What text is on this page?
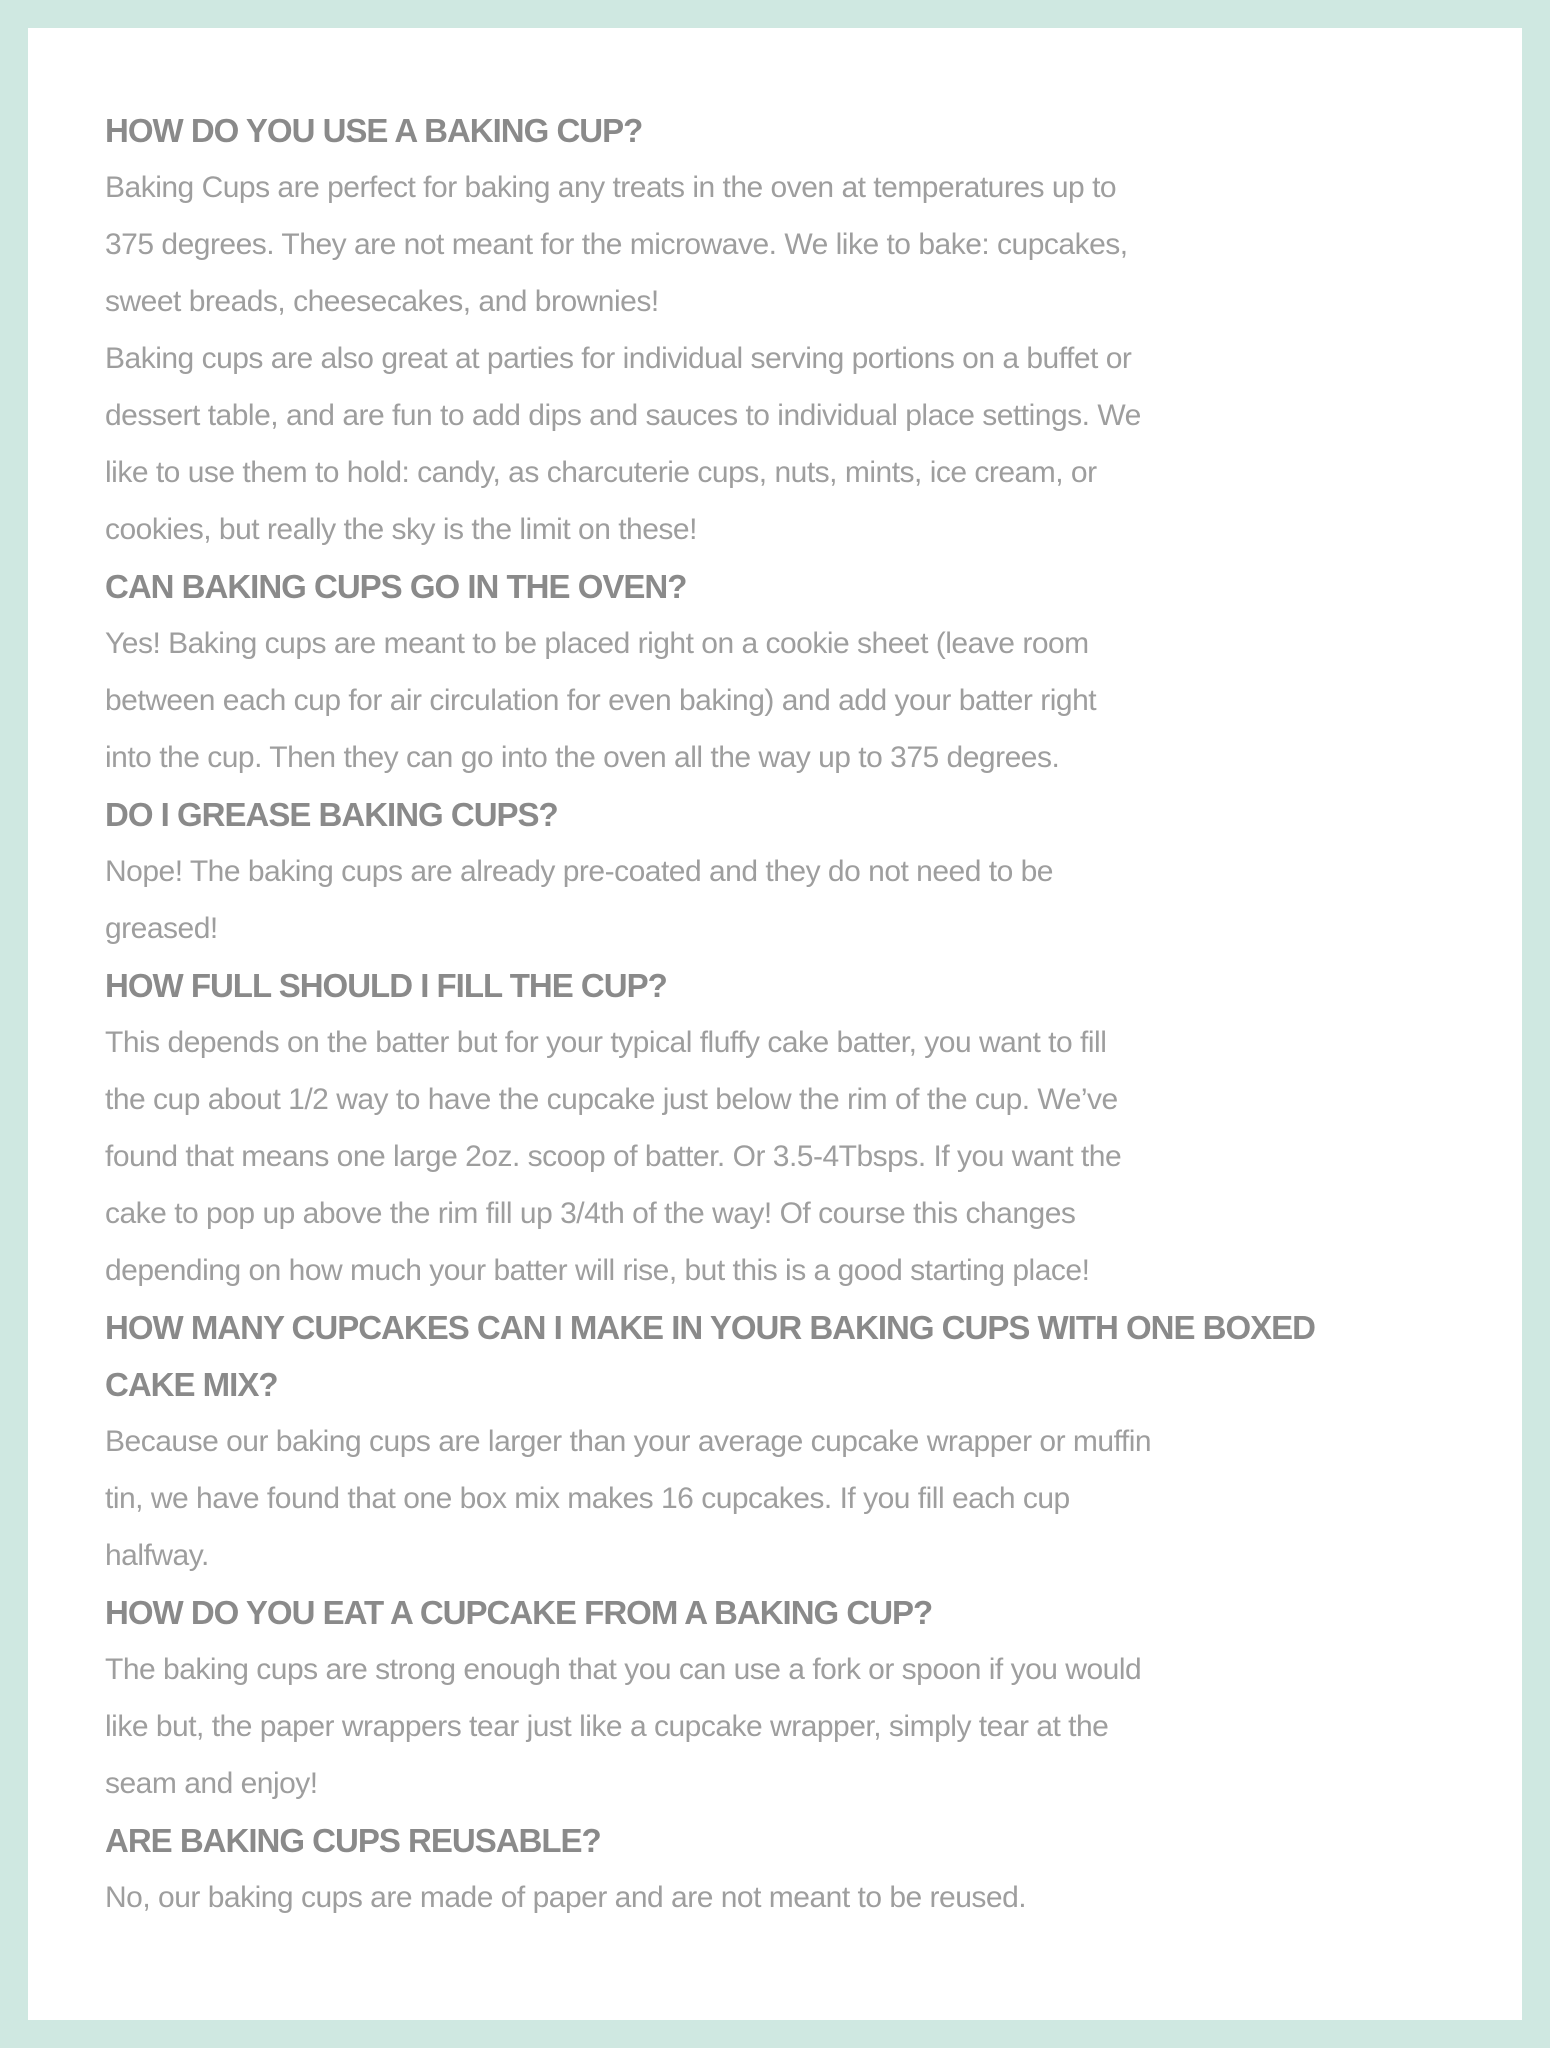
HOW DO YOU USE A BAKING CUP?

Baking Cups are perfect for baking any treats in the oven at temperatures up to
375 degrees. They are not meant for the microwave. We like to bake: cupcakes,
sweet breads, cheesecakes, and brownies!

Baking cups are also great at parties for individual serving portions on a buffet or
dessert table, and are fun to add dips and sauces to individual place settings. We
like to use them to hold: candy, as charcuterie cups, nuts, mints, ice cream, or
cookies, but really the sky is the limit on these!

CAN BAKING CUPS GO IN THE OVEN?

Yes! Baking cups are meant to be placed right on a cookie sheet (leave room
between each cup for air circulation for even baking) and add your batter right
into the cup. Then they can go into the oven all the way up to 375 degrees.

DO I GREASE BAKING CUPS?

Nope! The baking cups are already pre-coated and they do not need to be
greased!

HOW FULL SHOULD I FILL THE CUP?

This depends on the batter but for your typical fluffy cake batter, you want to fill
the cup about 1/2 way to have the cupcake just below the rim of the cup. We’ve
found that means one large 2oz. scoop of batter. Or 3.5-4Tbsps. If you want the
cake to pop up above the rim fill up 3/4th of the way! Of course this changes
depending on how much your batter will rise, but this is a good starting place!

HOW MANY CUPCAKES CAN I MAKE IN YOUR BAKING CUPS WITH ONE BOXED
CAKE MIX?

Because our baking cups are larger than your average cupcake wrapper or muffin
tin, we have found that one box mix makes 16 cupcakes. If you fill each cup
halfway.

HOW DO YOU EAT A CUPCAKE FROM A BAKING CUP?

The baking cups are strong enough that you can use a fork or spoon if you would
like but, the paper wrappers tear just like a cupcake wrapper, simply tear at the
seam and enjoy!

ARE BAKING CUPS REUSABLE?

No, our baking cups are made of paper and are not meant to be reused.
